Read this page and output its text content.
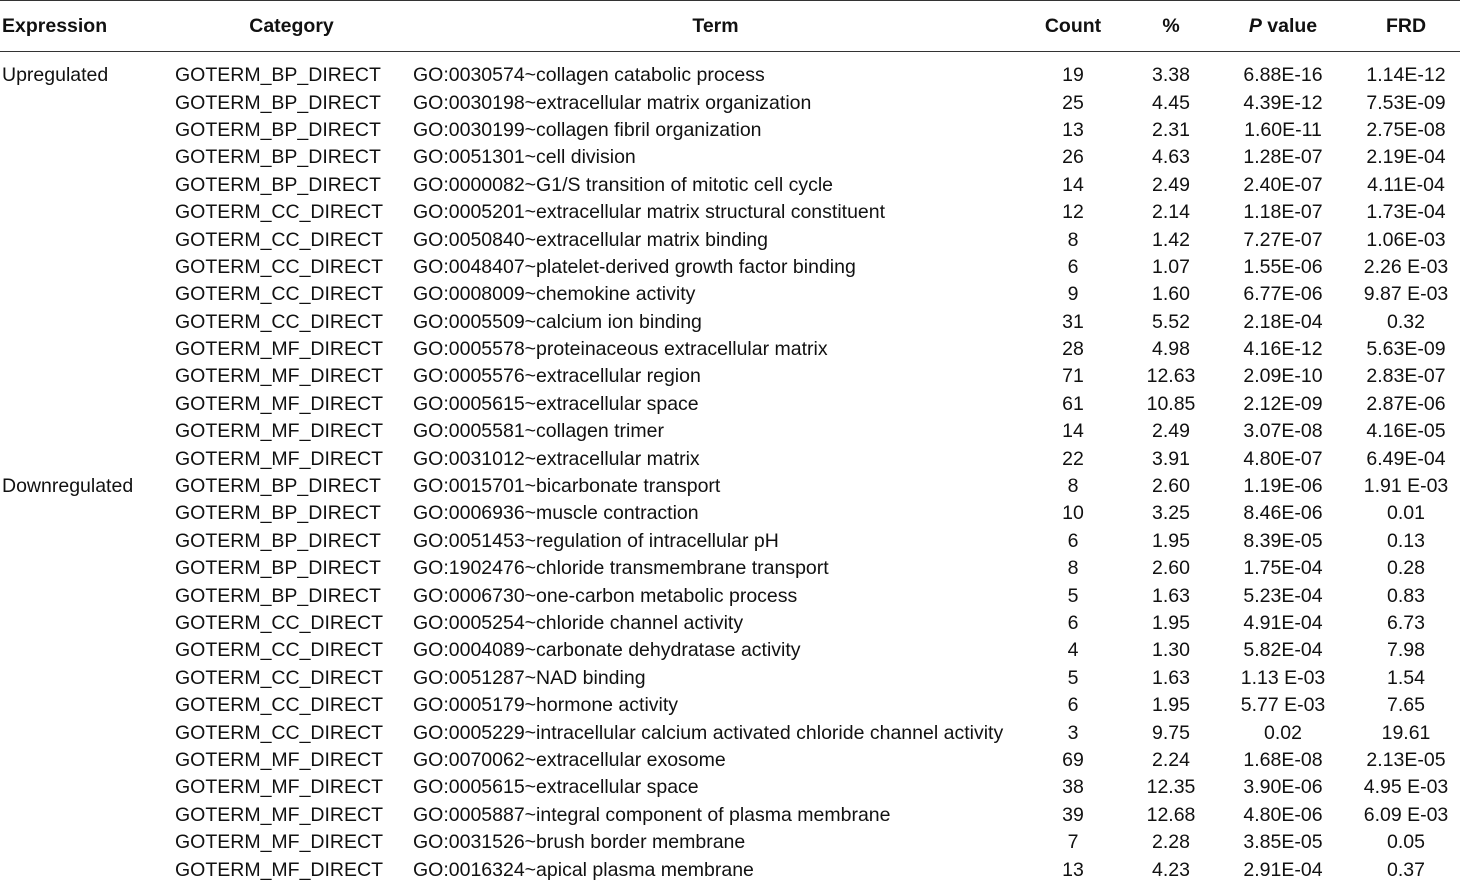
Expression	Category	Term	Count	%	P value	FRD
Upregulated	GOTERM_BP_DIRECT	GO:0030574~collagen catabolic process	19	3.38	6.88E-16	1.14E-12
	GOTERM_BP_DIRECT	GO:0030198~extracellular matrix organization	25	4.45	4.39E-12	7.53E-09
	GOTERM_BP_DIRECT	GO:0030199~collagen fibril organization	13	2.31	1.60E-11	2.75E-08
	GOTERM_BP_DIRECT	GO:0051301~cell division	26	4.63	1.28E-07	2.19E-04
	GOTERM_BP_DIRECT	GO:0000082~G1/S transition of mitotic cell cycle	14	2.49	2.40E-07	4.11E-04
	GOTERM_CC_DIRECT	GO:0005201~extracellular matrix structural constituent	12	2.14	1.18E-07	1.73E-04
	GOTERM_CC_DIRECT	GO:0050840~extracellular matrix binding	8	1.42	7.27E-07	1.06E-03
	GOTERM_CC_DIRECT	GO:0048407~platelet-derived growth factor binding	6	1.07	1.55E-06	2.26 E-03
	GOTERM_CC_DIRECT	GO:0008009~chemokine activity	9	1.60	6.77E-06	9.87 E-03
	GOTERM_CC_DIRECT	GO:0005509~calcium ion binding	31	5.52	2.18E-04	0.32
	GOTERM_MF_DIRECT	GO:0005578~proteinaceous extracellular matrix	28	4.98	4.16E-12	5.63E-09
	GOTERM_MF_DIRECT	GO:0005576~extracellular region	71	12.63	2.09E-10	2.83E-07
	GOTERM_MF_DIRECT	GO:0005615~extracellular space	61	10.85	2.12E-09	2.87E-06
	GOTERM_MF_DIRECT	GO:0005581~collagen trimer	14	2.49	3.07E-08	4.16E-05
	GOTERM_MF_DIRECT	GO:0031012~extracellular matrix	22	3.91	4.80E-07	6.49E-04
Downregulated	GOTERM_BP_DIRECT	GO:0015701~bicarbonate transport	8	2.60	1.19E-06	1.91 E-03
	GOTERM_BP_DIRECT	GO:0006936~muscle contraction	10	3.25	8.46E-06	0.01
	GOTERM_BP_DIRECT	GO:0051453~regulation of intracellular pH	6	1.95	8.39E-05	0.13
	GOTERM_BP_DIRECT	GO:1902476~chloride transmembrane transport	8	2.60	1.75E-04	0.28
	GOTERM_BP_DIRECT	GO:0006730~one-carbon metabolic process	5	1.63	5.23E-04	0.83
	GOTERM_CC_DIRECT	GO:0005254~chloride channel activity	6	1.95	4.91E-04	6.73
	GOTERM_CC_DIRECT	GO:0004089~carbonate dehydratase activity	4	1.30	5.82E-04	7.98
	GOTERM_CC_DIRECT	GO:0051287~NAD binding	5	1.63	1.13 E-03	1.54
	GOTERM_CC_DIRECT	GO:0005179~hormone activity	6	1.95	5.77 E-03	7.65
	GOTERM_CC_DIRECT	GO:0005229~intracellular calcium activated chloride channel activity	3	9.75	0.02	19.61
	GOTERM_MF_DIRECT	GO:0070062~extracellular exosome	69	2.24	1.68E-08	2.13E-05
	GOTERM_MF_DIRECT	GO:0005615~extracellular space	38	12.35	3.90E-06	4.95 E-03
	GOTERM_MF_DIRECT	GO:0005887~integral component of plasma membrane	39	12.68	4.80E-06	6.09 E-03
	GOTERM_MF_DIRECT	GO:0031526~brush border membrane	7	2.28	3.85E-05	0.05
	GOTERM_MF_DIRECT	GO:0016324~apical plasma membrane	13	4.23	2.91E-04	0.37
